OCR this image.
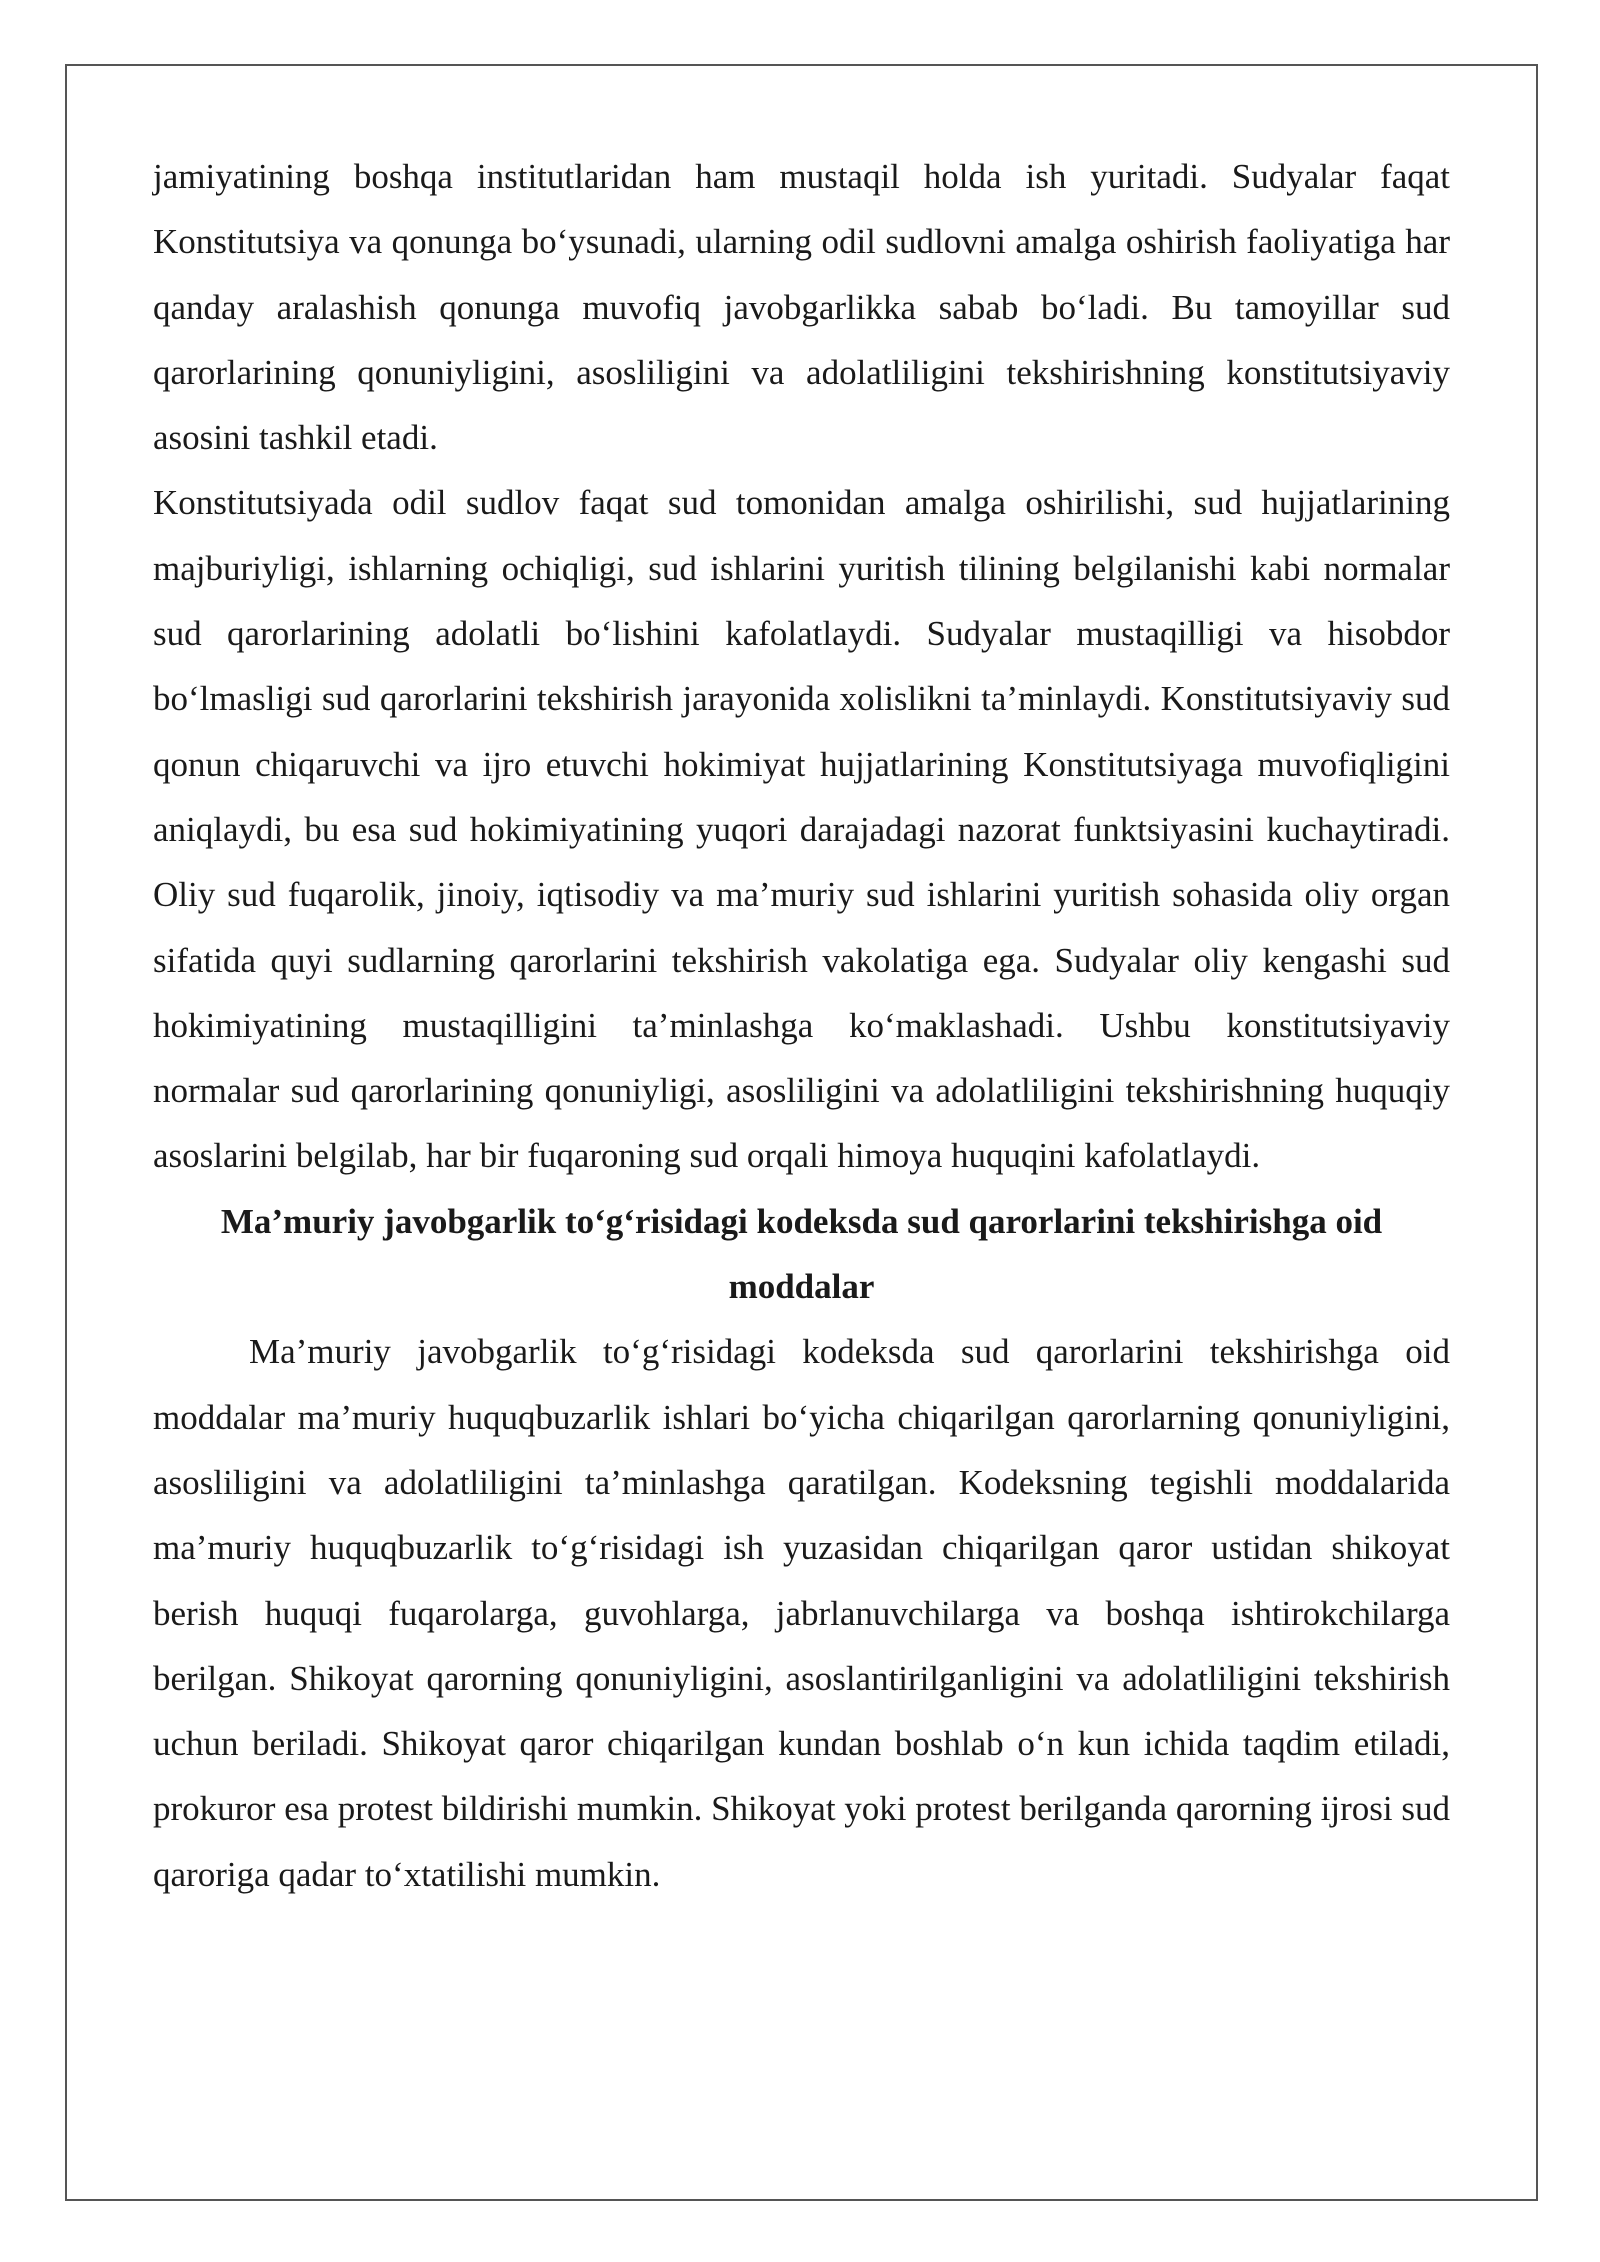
jamiyatining boshqa institutlaridan ham mustaqil holda ish yuritadi. Sudyalar faqat Konstitutsiya va qonunga bo‘ysunadi, ularning odil sudlovni amalga oshirish faoliyatiga har qanday aralashish qonunga muvofiq javobgarlikka sabab bo‘ladi. Bu tamoyillar sud qarorlarining qonuniyligini, asosliligini va adolatliligini tekshirishning konstitutsiyaviy asosini tashkil etadi.

Konstitutsiyada odil sudlov faqat sud tomonidan amalga oshirilishi, sud hujjatlarining majburiyligi, ishlarning ochiqligi, sud ishlarini yuritish tilining belgilanishi kabi normalar sud qarorlarining adolatli bo‘lishini kafolatlaydi. Sudyalar mustaqilligi va hisobdor bo‘lmasligi sud qarorlarini tekshirish jarayonida xolislikni ta’minlaydi. Konstitutsiyaviy sud qonun chiqaruvchi va ijro etuvchi hokimiyat hujjatlarining Konstitutsiyaga muvofiqligini aniqlaydi, bu esa sud hokimiyatining yuqori darajadagi nazorat funktsiyasini kuchaytiradi. Oliy sud fuqarolik, jinoiy, iqtisodiy va ma’muriy sud ishlarini yuritish sohasida oliy organ sifatida quyi sudlarning qarorlarini tekshirish vakolatiga ega. Sudyalar oliy kengashi sud hokimiyatining mustaqilligini ta’minlashga ko‘maklashadi. Ushbu konstitutsiyaviy normalar sud qarorlarining qonuniyligi, asosliligini va adolatliligini tekshirishning huquqiy asoslarini belgilab, har bir fuqaroning sud orqali himoya huquqini kafolatlaydi.

Ma’muriy javobgarlik to‘g‘risidagi kodeksda sud qarorlarini tekshirishga oid moddalar

Ma’muriy javobgarlik to‘g‘risidagi kodeksda sud qarorlarini tekshirishga oid moddalar ma’muriy huquqbuzarlik ishlari bo‘yicha chiqarilgan qarorlarning qonuniyligini, asosliligini va adolatliligini ta’minlashga qaratilgan. Kodeksning tegishli moddalarida ma’muriy huquqbuzarlik to‘g‘risidagi ish yuzasidan chiqarilgan qaror ustidan shikoyat berish huquqi fuqarolarga, guvohlarga, jabrlanuvchilarga va boshqa ishtirokchilarga berilgan. Shikoyat qarorning qonuniyligini, asoslantirilganligini va adolatliligini tekshirish uchun beriladi. Shikoyat qaror chiqarilgan kundan boshlab o‘n kun ichida taqdim etiladi, prokuror esa protest bildirishi mumkin. Shikoyat yoki protest berilganda qarorning ijrosi sud qaroriga qadar to‘xtatilishi mumkin.
